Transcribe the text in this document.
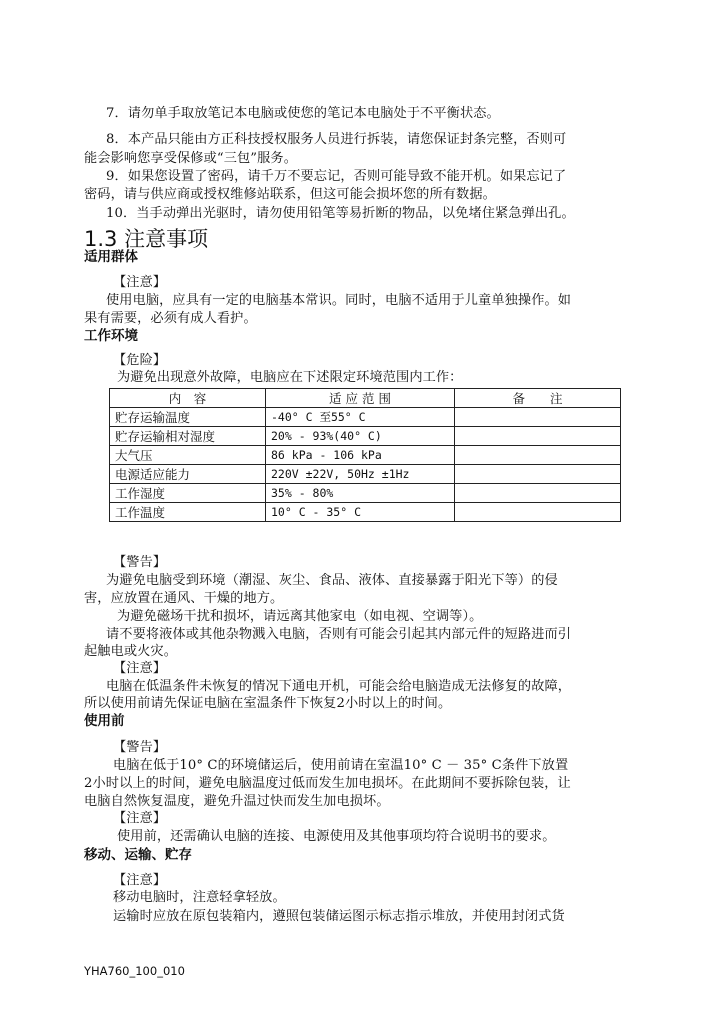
7．请勿单手取放笔记本电脑或使您的笔记本电脑处于不平衡状态。
8．本产品只能由方正科技授权服务人员进行拆装，请您保证封条完整，否则可
能会影响您享受保修或“三包”服务。
9．如果您设置了密码，请千万不要忘记，否则可能导致不能开机。如果忘记了
密码，请与供应商或授权维修站联系，但这可能会损坏您的所有数据。
10．当手动弹出光驱时，请勿使用铅笔等易折断的物品，以免堵住紧急弹出孔。
1.3 注意事项
适用群体
【注意】
使用电脑，应具有一定的电脑基本常识。同时，电脑不适用于儿童单独操作。如
果有需要，必须有成人看护。
工作环境
【危险】
为避免出现意外故障，电脑应在下述限定环境范围内工作：
内　容	适 应 范 围	备　　注
贮存运输温度	-40° C 至55° C	
贮存运输相对湿度	20% - 93%(40° C)	
大气压	86 kPa - 106 kPa	
电源适应能力	220V ±22V, 50Hz ±1Hz	
工作湿度	35% - 80%	
工作温度	10° C - 35° C	
【警告】
为避免电脑受到环境（潮湿、灰尘、食品、液体、直接暴露于阳光下等）的侵
害，应放置在通风、干燥的地方。
为避免磁场干扰和损坏，请远离其他家电（如电视、空调等）。
请不要将液体或其他杂物溅入电脑，否则有可能会引起其内部元件的短路进而引
起触电或火灾。
【注意】
电脑在低温条件未恢复的情况下通电开机，可能会给电脑造成无法修复的故障，
所以使用前请先保证电脑在室温条件下恢复2小时以上的时间。
使用前
【警告】
电脑在低于10° C的环境储运后，使用前请在室温10° C － 35° C条件下放置
2小时以上的时间，避免电脑温度过低而发生加电损坏。在此期间不要拆除包装，让
电脑自然恢复温度，避免升温过快而发生加电损坏。
【注意】
使用前，还需确认电脑的连接、电源使用及其他事项均符合说明书的要求。
移动、运输、贮存
【注意】
移动电脑时，注意轻拿轻放。
运输时应放在原包装箱内，遵照包装储运图示标志指示堆放，并使用封闭式货
YHA760_100_010
